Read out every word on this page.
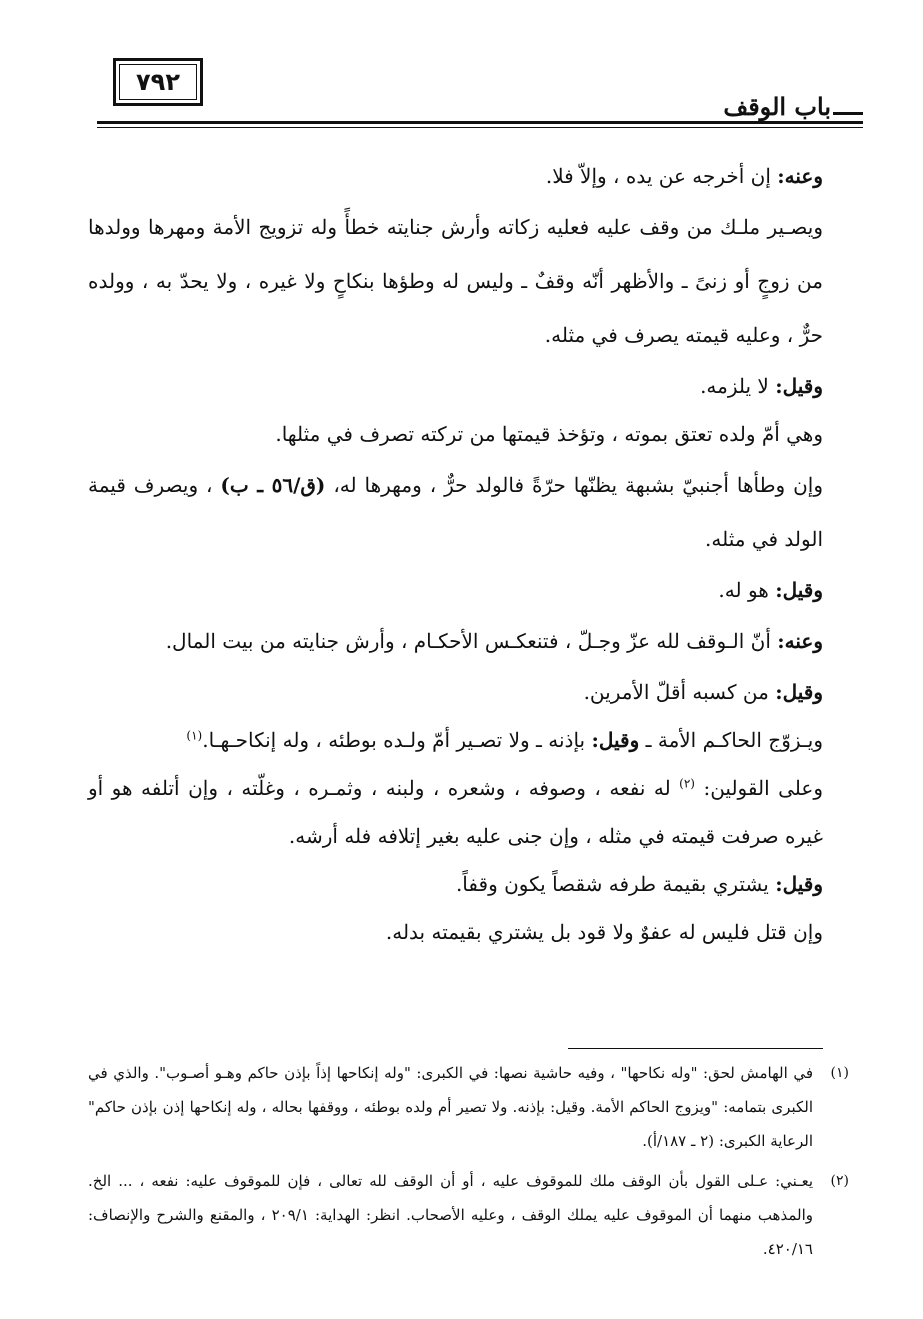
٧٩٢
باب الوقف

وعنه: إن أخرجه عن يده ، وإلاّ فلا.

ويصـير ملـك من وقف عليه فعليه زكاته وأرش جنايته خطأً وله تزويج الأمة ومهرها وولدها من زوجٍ أو زنىً ـ والأظهر أنّه وقفٌ ـ وليس له وطؤها بنكاحٍ ولا غيره ، ولا يحدّ به ، وولده حرٌّ ، وعليه قيمته يصرف في مثله.

وقيل: لا يلزمه.

وهي أمّ ولده تعتق بموته ، وتؤخذ قيمتها من تركته تصرف في مثلها.

وإن وطأها أجنبيّ بشبهة يظنّها حرّةً فالولد حرٌّ ، ومهرها له، (ق/٥٦ ـ ب) ، ويصرف قيمة الولد في مثله.

وقيل: هو له.

وعنه: أنّ الـوقف لله عزّ وجـلّ ، فتنعكـس الأحكـام ، وأرش جنايته من بيت المال.

وقيل: من كسبه أقلّ الأمرين.

ويـزوّج الحاكـم الأمة ـ وقيل: بإذنه ـ ولا تصـير أمّ ولـده بوطئه ، وله إنكاحـهـا.$^{(١)}$

وعلى القولين: $^{(٢)}$ له نفعه ، وصوفه ، وشعره ، ولبنه ، وثمـره ، وغلّته ، وإن أتلفه هو أو غيره صرفت قيمته في مثله ، وإن جنى عليه بغير إتلافه فله أرشه.

وقيل: يشتري بقيمة طرفه شقصاً يكون وقفاً.

وإن قتل فليس له عفوٌ ولا قود بل يشتري بقيمته بدله.

(١)
في الهامش لحق: "وله نكاحها" ، وفيه حاشية نصها: في الكبرى: "وله إنكاحها إذاً بإذن حاكم وهـو أصـوب". والذي في الكبرى بتمامه: "ويزوج الحاكم الأمة. وقيل: بإذنه. ولا تصير أم ولده بوطئه ، ووقفها بحاله ، وله إنكاحها إذن بإذن حاكم" الرعاية الكبرى: (٢ ـ ١٨٧/أ).

(٢)
يعـني: عـلى القول بأن الوقف ملك للموقوف عليه ، أو أن الوقف لله تعالى ، فإن للموقوف عليه: نفعه ، ... الخ. والمذهب منهما أن الموقوف عليه يملك الوقف ، وعليه الأصحاب. انظر: الهداية: ٢٠٩/١ ، والمقنع والشرح والإنصاف: ٤٢٠/١٦.
